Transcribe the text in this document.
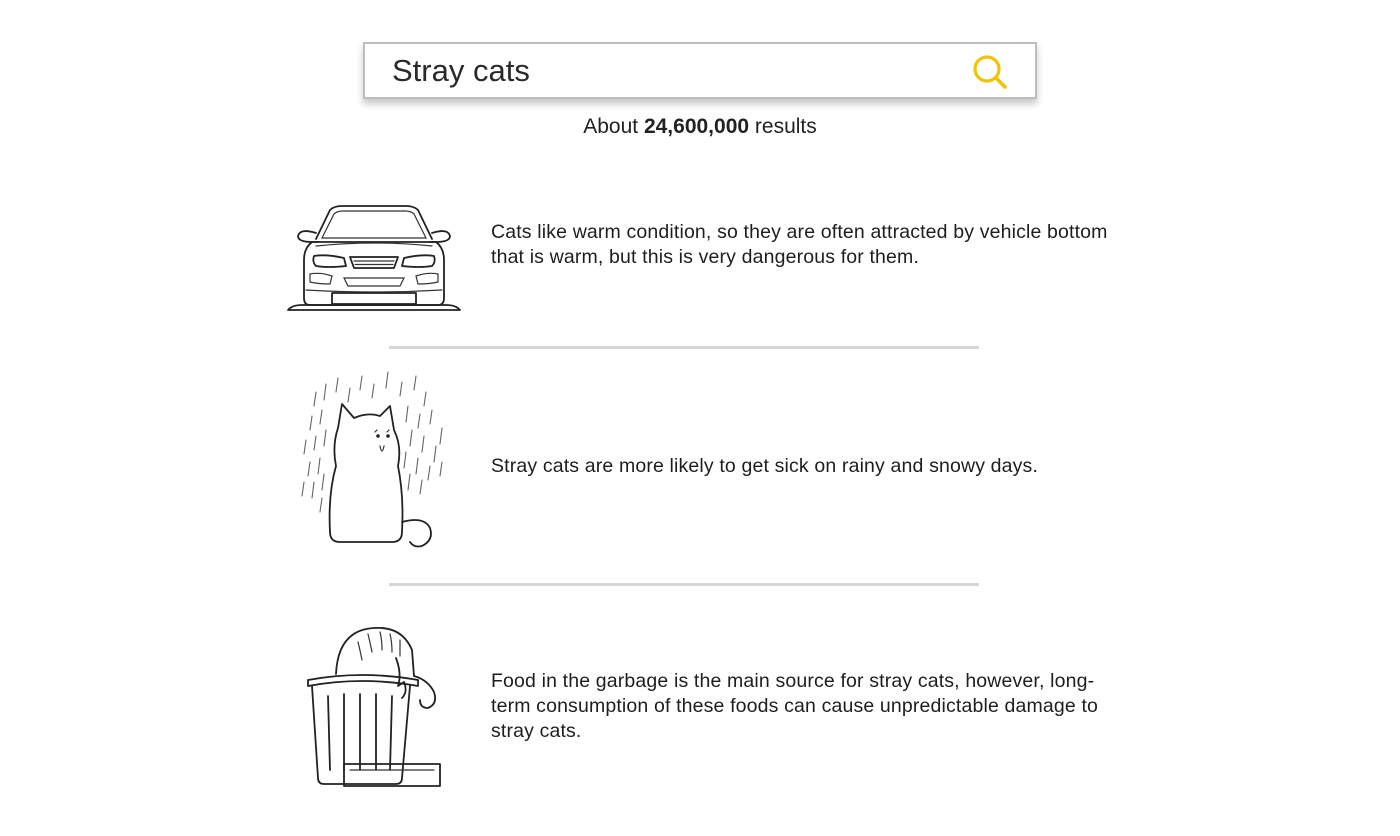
Stray cats
About 24,600,000 results
Cats like warm condition, so they are often attracted by vehicle bottom that is warm, but this is very dangerous for them.
Stray cats are more likely to get sick on rainy and snowy days.
Food in the garbage is the main source for stray cats, however, long-term consumption of these foods can cause unpredictable damage to stray cats.
